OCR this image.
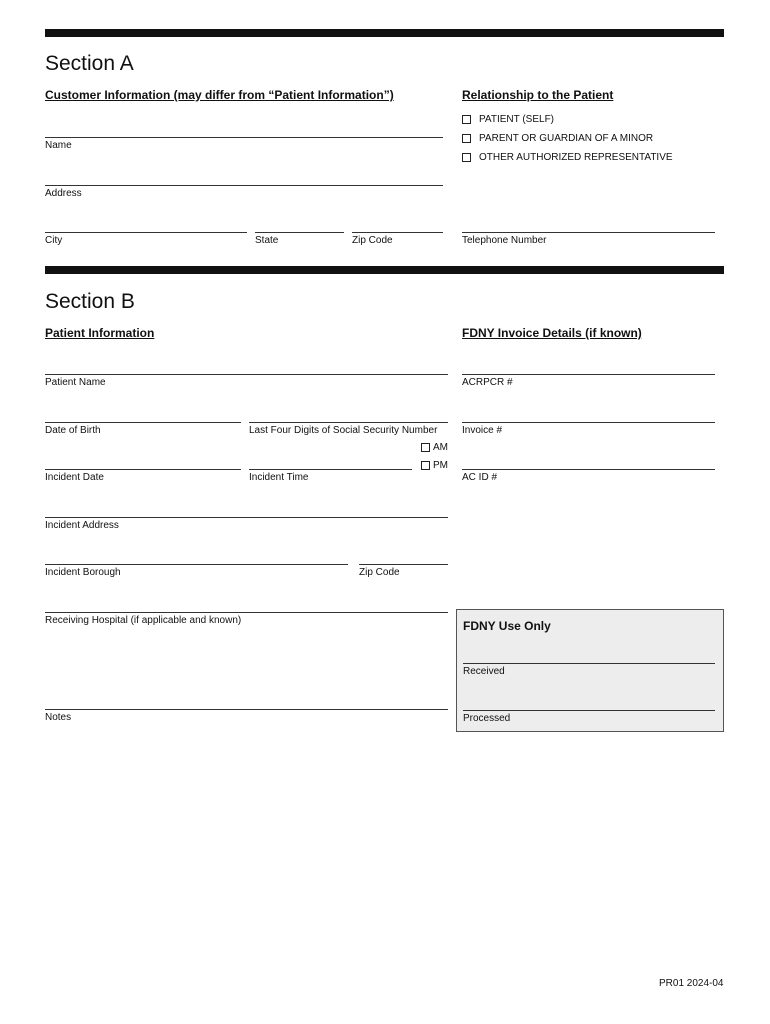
Section A
Customer Information (may differ from “Patient Information”)	Relationship to the Patient
PATIENT (SELF)
PARENT OR GUARDIAN OF A MINOR
OTHER AUTHORIZED REPRESENTATIVE
Name
Address
City	State	Zip Code	Telephone Number
Section B
Patient Information	FDNY Invoice Details (if known)
Patient Name
Date of Birth	Last Four Digits of Social Security Number
AM
PM
Incident Date	Incident Time
Incident Address
Incident Borough	Zip Code
Receiving Hospital (if applicable and known)
Notes
ACRPCR #
Invoice #
AC ID #
FDNY Use Only
Received
Processed
PR01 2024-04
